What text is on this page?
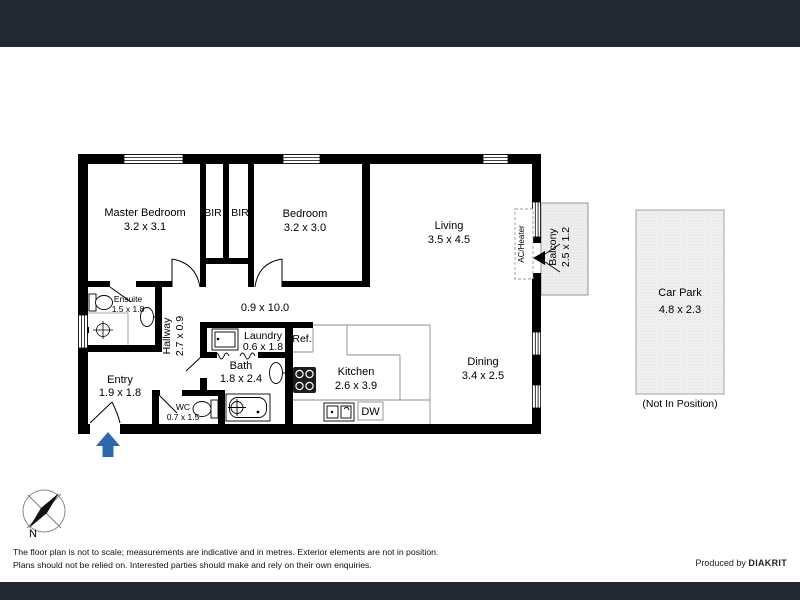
Balcony 2.5 x 1.2
Car Park
4.8 x 2.3
(Not In Position)
AC/Heater
DW
Master Bedroom
3.2 x 3.1
BIR BIR	Bedroom
3.2 x 3.0	Living
3.5 x 4.5
Dining
3.4 x 2.5
Kitchen
2.6 x 3.9
Bath
1.8 x 2.4
Laundry
0.6 x 1.8
Ref.
Ensuite
1.5 x 1.8
Hallway 2.7 x 0.9
0.9 x 10.0
Entry
1.9 x 1.8
WC
0.7 x 1.5
N
The floor plan is not to scale; measurements are indicative and in metres. Exterior elements are not in position.
Plans should not be relied on. Interested parties should make and rely on their own enquiries.	Produced by DIAKRIT
